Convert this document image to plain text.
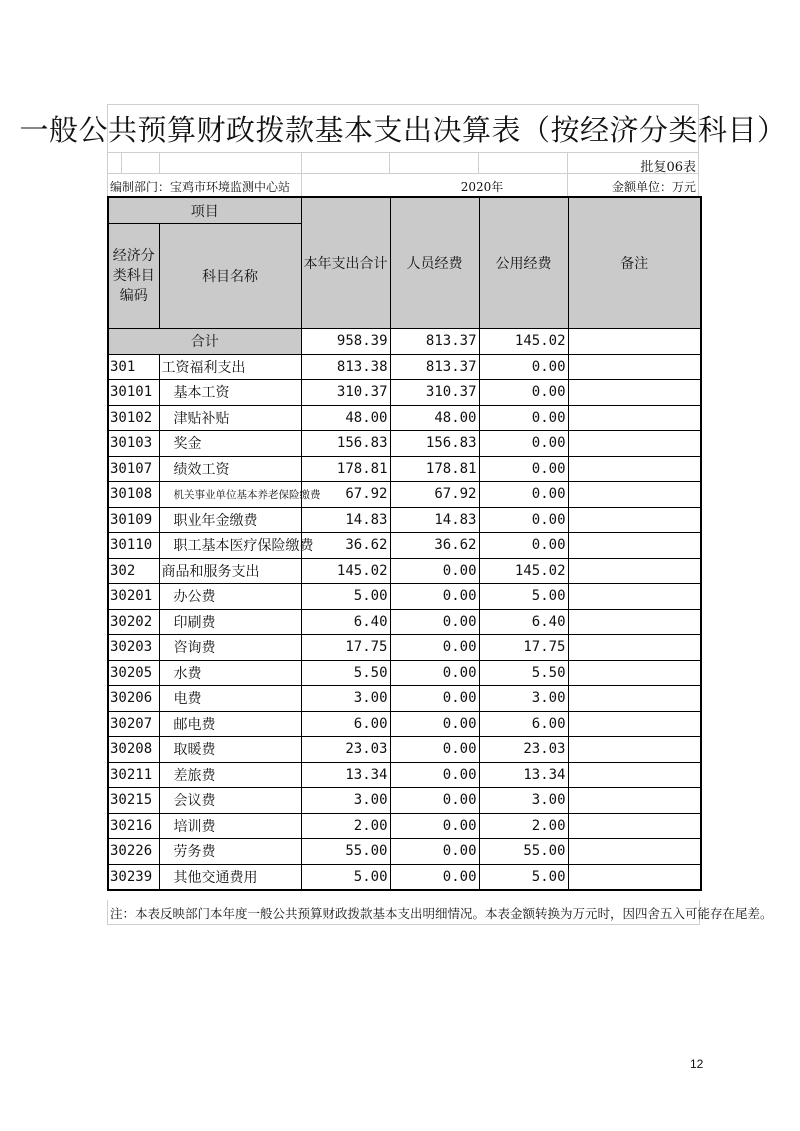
一般公共预算财政拨款基本支出决算表（按经济分类科目）
批复06表
编制部门：宝鸡市环境监测中心站	2020年	金额单位：万元
项目		本年支出合计	人员经费	公用经费	备注
经济分类科目编码	科目名称				
合计		958.39	813.37	145.02	
301	工资福利支出	813.38	813.37	0.00	
30101	基本工资	310.37	310.37	0.00	
30102	津贴补贴	48.00	48.00	0.00	
30103	奖金	156.83	156.83	0.00	
30107	绩效工资	178.81	178.81	0.00	
30108	机关事业单位基本养老保险缴费	67.92	67.92	0.00	
30109	职业年金缴费	14.83	14.83	0.00	
30110	职工基本医疗保险缴费	36.62	36.62	0.00	
302	商品和服务支出	145.02	0.00	145.02	
30201	办公费	5.00	0.00	5.00	
30202	印刷费	6.40	0.00	6.40	
30203	咨询费	17.75	0.00	17.75	
30205	水费	5.50	0.00	5.50	
30206	电费	3.00	0.00	3.00	
30207	邮电费	6.00	0.00	6.00	
30208	取暖费	23.03	0.00	23.03	
30211	差旅费	13.34	0.00	13.34	
30215	会议费	3.00	0.00	3.00	
30216	培训费	2.00	0.00	2.00	
30226	劳务费	55.00	0.00	55.00	
30239	其他交通费用	5.00	0.00	5.00	
注：本表反映部门本年度一般公共预算财政拨款基本支出明细情况。本表金额转换为万元时，因四舍五入可能存在尾差。
12
